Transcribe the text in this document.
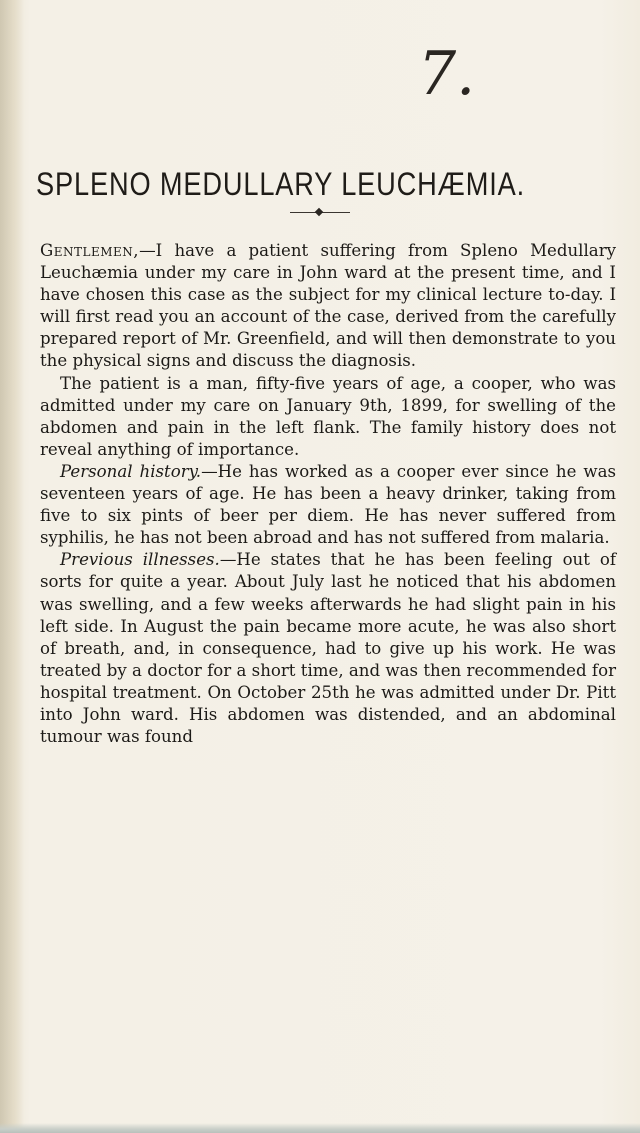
7.
SPLENO MEDULLARY LEUCHÆMIA.

Gentlemen,—I have a patient suffering from Spleno Medullary Leuchæmia under my care in John ward at the present time, and I have chosen this case as the subject for my clinical lecture to-day. I will first read you an account of the case, derived from the carefully prepared report of Mr. Greenfield, and will then demonstrate to you the physical signs and discuss the diagnosis.

The patient is a man, fifty-five years of age, a cooper, who was admitted under my care on January 9th, 1899, for swelling of the abdomen and pain in the left flank. The family history does not reveal anything of importance.

Personal history.—He has worked as a cooper ever since he was seventeen years of age. He has been a heavy drinker, taking from five to six pints of beer per diem. He has never suffered from syphilis, he has not been abroad and has not suffered from malaria.

Previous illnesses.—He states that he has been feeling out of sorts for quite a year. About July last he noticed that his abdomen was swelling, and a few weeks afterwards he had slight pain in his left side. In August the pain became more acute, he was also short of breath, and, in consequence, had to give up his work. He was treated by a doctor for a short time, and was then recommended for hospital treatment. On October 25th he was admitted under Dr. Pitt into John ward. His abdomen was distended, and an abdominal tumour was found
